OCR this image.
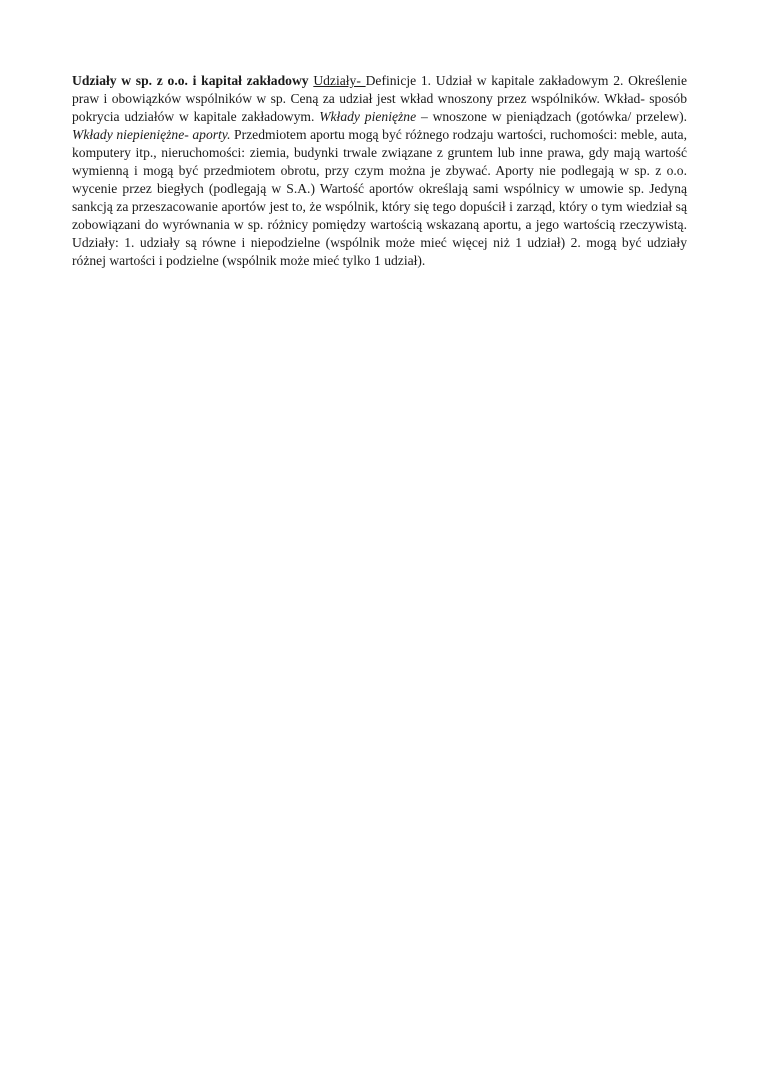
Udziały w sp. z o.o. i kapitał zakładowy Udziały- Definicje 1. Udział w kapitale zakładowym 2. Określenie praw i obowiązków wspólników w sp. Ceną za udział jest wkład wnoszony przez wspólników. Wkład- sposób pokrycia udziałów w kapitale zakładowym. Wkłady pieniężne – wnoszone w pieniądzach (gotówka/ przelew). Wkłady niepieniężne- aporty. Przedmiotem aportu mogą być różnego rodzaju wartości, ruchomości: meble, auta, komputery itp., nieruchomości: ziemia, budynki trwale związane z gruntem lub inne prawa, gdy mają wartość wymienną i mogą być przedmiotem obrotu, przy czym można je zbywać. Aporty nie podlegają w sp. z o.o. wycenie przez biegłych (podlegają w S.A.) Wartość aportów określają sami wspólnicy w umowie sp. Jedyną sankcją za przeszacowanie aportów jest to, że wspólnik, który się tego dopuścił i zarząd, który o tym wiedział są zobowiązani do wyrównania w sp. różnicy pomiędzy wartością wskazaną aportu, a jego wartością rzeczywistą. Udziały: 1. udziały są równe i niepodzielne (wspólnik może mieć więcej niż 1 udział) 2. mogą być udziały różnej wartości i podzielne (wspólnik może mieć tylko 1 udział).
